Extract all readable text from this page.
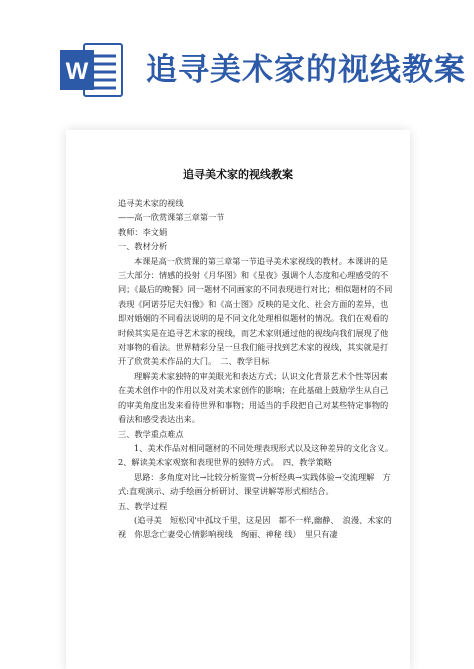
W 追寻美术家的视线教案
追寻美术家的视线教案

追寻美术家的视线

——高一欣赏课第三章第一节

教师：李文娟

一、教材分析

本课是高一欣赏课的第三章第一节追寻美术家视线的教材。本课讲的是三大部分：情感的投射《月华图》和《星夜》强调个人态度和心理感受的不同；《最后的晚餐》同一题材不同画家的不同表现进行对比；相似题材的不同表现《阿诺芬尼夫妇像》和《高士图》反映的是文化、社会方面的差异，也即对婚姻的不同看法说明的是不同文化处理相似题材的情况。我们在观看的时候其实是在追寻艺术家的视线，而艺术家则通过他的视线向我们展现了他对事物的看法。世界精彩分呈一旦我们能寻找到艺术家的视线，其实就是打开了欣赏美术作品的大门。　二、教学目标

理解美术家独特的审美眼光和表达方式；认识文化背景艺术个性等因素在美术创作中的作用以及对美术家创作的影响；在此基础上鼓励学生从自己的审美角度出发来看待世界和事物；用适当的手段把自己对某些特定事物的看法和感受表达出来。

三、教学重点难点

1、美术作品对相同题材的不同处理表现形式以及这种差异的文化含义。　2、解读美术家观察和表现世界的独特方式。　四、教学策略

思路：多角度对比→比较分析鉴赏→分析经典→实践体验→交流理解　方式:直观演示、动手绘画分析研讨、课堂讲解等形式相结合。

五、教学过程

(追寻美　短松冈'中孤坟千里，这是因　都不一样,幽静、　浪漫、术家的视　你思念亡妻受心情影响视线　绚丽、神秘 线）　里只有凄
